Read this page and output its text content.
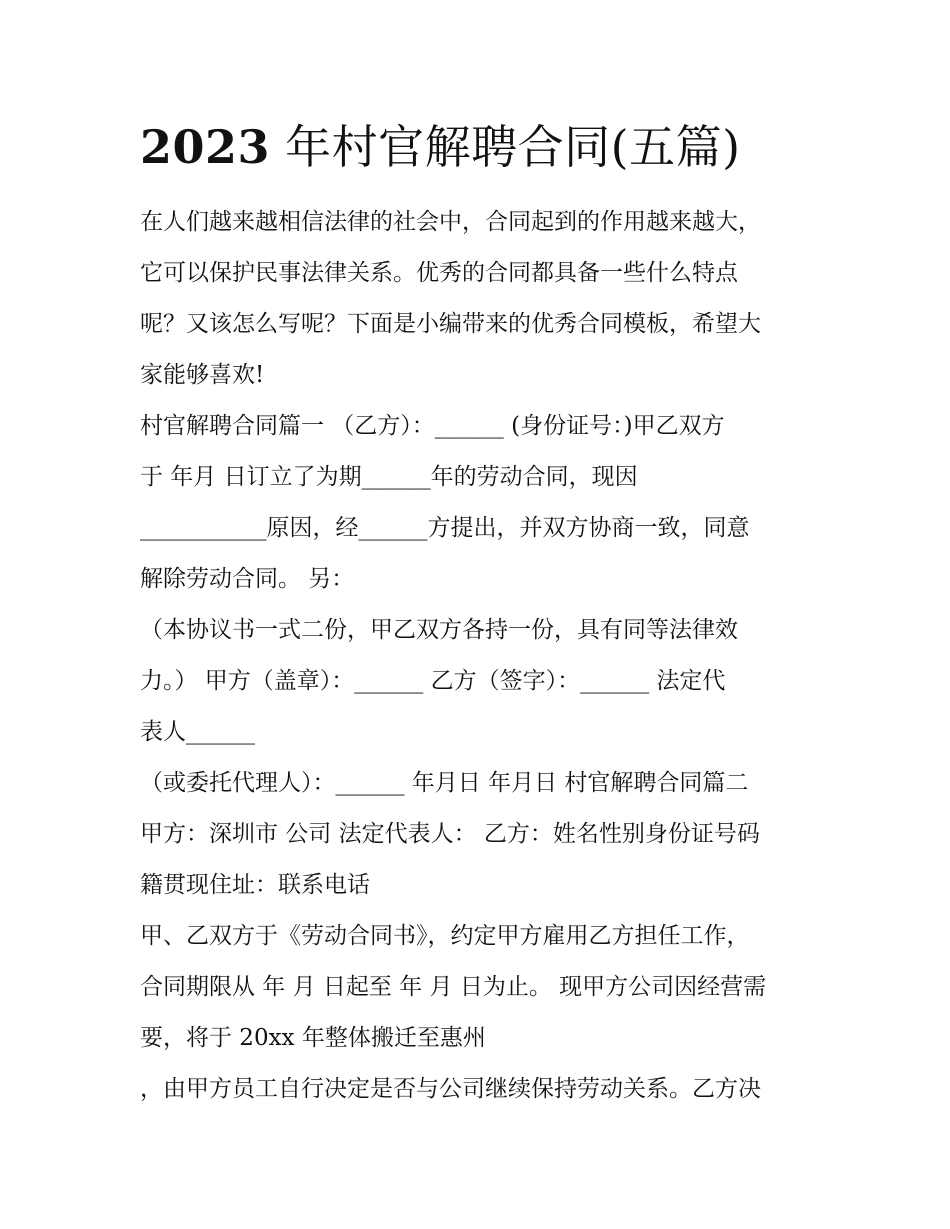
2023 年村官解聘合同(五篇)
在人们越来越相信法律的社会中，合同起到的作用越来越大，
它可以保护民事法律关系。优秀的合同都具备一些什么特点
呢？又该怎么写呢？下面是小编带来的优秀合同模板，希望大
家能够喜欢!
村官解聘合同篇一 （乙方）：______ (身份证号：)甲乙双方
于 年月 日订立了为期______年的劳动合同，现因
___________原因，经______方提出，并双方协商一致，同意
解除劳动合同。 另：
（本协议书一式二份，甲乙双方各持一份，具有同等法律效
力。） 甲方（盖章）：______ 乙方（签字）：______ 法定代
表人______
（或委托代理人）：______ 年月日 年月日 村官解聘合同篇二
甲方：深圳市 公司 法定代表人： 乙方：姓名性别身份证号码
籍贯现住址：联系电话
甲、乙双方于《劳动合同书》，约定甲方雇用乙方担任工作，
合同期限从 年 月 日起至 年 月 日为止。 现甲方公司因经营需
要，将于 20xx 年整体搬迁至惠州
，由甲方员工自行决定是否与公司继续保持劳动关系。乙方决
